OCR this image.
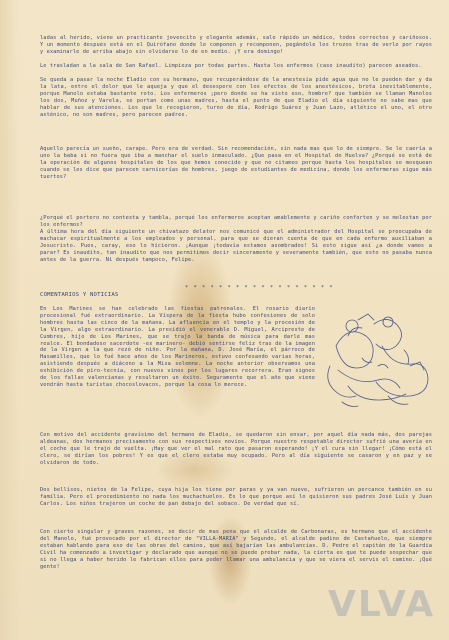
ladas al herido, viene un practicante jovencito y elegante además, sale rápido un médico, todos correctos y cariñosos. Y un momento después está en el Quirófano donde le componen y recomponen, pegándole los trozos tras de verle por rayos y examinarle de arriba abajo sin olvidarse lo de en medio. ¡Y era domingo!

Le trasladan a la sala de San Rafael. Limpieza por todas partes. Hasta los enfermos (caso inaudito) parecen aseados.

Se queda a pasar la noche Eladio con su hermano, que recuperándose de la anestesia pide agua que no le pueden dar y da la lata, entre el dolor que le aqueja y que el desespere con los efectos de los anestésicos, brota inevitablemente, porque Manolo estaba bastante roto. Los enfermeros ¡pero donde se ha visto eso, hombre? que también se llaman Manolos los dos, Muñoz y Varela, se portan como unas madres, hasta el punto de que Eladio el día siguiente no sabe mas que hablar de sus atenciones. Los que le recogieron, turno de día, Rodrigo Suárez y Juan Lazo, atlético el uno, el otro asténico, no son madres, pero parecen padres.

Aquello parecía un sueño, carape. Pero era de verdad. Sin recomendación, sin nada mas que lo de siempre. Se le caería a uno la baba si no fuera que iba a manchar el suelo inmaculado. ¿Que pasa en el Hospital de Huelva? ¿Porqué se está de la operación de algunos hospitales de los que hemos conocido y que no citamos porque hasta los hospitales se mosquean cuando se les dice que parecen carnicerías de hombres, juego de estudiantes de medicina, donde los enfermeras sigue más tuertos?

¿Porqué el portero no contesta y tambla, porqué los enfermeros aceptan amablemente y cariño conforten y se molestan por los enfermos?

A última hora del día siguiente un chivatazo delator nos comunicó que el administrador del Hospital se preocupaba de machacar espiritualmente a los empleados y personal, para que se dieran cuenta de que en cada enfermo auxiliaban a Jesucristo. Pues, caray, eso lo hicieron. ¡Aunque ¡todavía estamos asombrados! Si esto sigue así ¿a donde vamos a parar? Es inaudito, tan inaudito que nos permitimos decir sinceramente y severamente también, que esto no pasaba nunca antes de la guerra. Ni después tampoco, Felipe.

* * * * * * * * * * * * * * * * * *
COMENTARIOS Y NOTICIAS

En Los Marines se han celebrado las fiestas patronales. El rosario diario procesional fué extraordinario. La Víspera de la fiesta hubo confesiones de solo hombres hasta las cinco de la mañana. La afluencia en el templo y la procesión de la Virgen, algo extraordinario. La presidió el venerable D. Miguel, Arcipreste de Cumbres, hijo de Los Marines, que se trajo la banda de música para darle mas realce. El bondadoso sacerdote -ex marinero- debió sentirse feliz tras de la imagen de la Virgen a la que rezó de niño. Por la mañana, D. José María, el párroco de Hasamilles, que lo fué hace años de los Marineros, estuvo confesando varias horas, asistiendo después a diácono a la Misa solemne. La noche anterior observamos una exhibición de piro-tecnia, con nuevos vinos por los lugares recorrera. Eran signos de los fallas valencianas y resultaron un éxito. Seguramente que el año que viene vendrán hasta turistas chocoslovacos, porque la cosa lo merece.

Con motivo del accidente gravísimo del hermano de Eladio, se quedaron sin ensar, por aquel día nada más, dos parejas aldeanas, dos hermanos precisamente con sus respectivos novios. Porque nuestro respetable director sufrió una avería en el coche que le trajo de vuelta. ¡Hay que ver el mal rato que pasaron esperando! ¡Y el cura sin llegar! ¡Cómo está el clero, se dirían los pobres! Y es que el clero estaba muy ocupado. Pero al día siguiente se casaron y en paz y se olvidaron de todo.

Dos bellísos, nietos de la Felipe, cuya hija los tiene por paras y ya van nueve, sufrieron un percance también en su familia. Pero el procedimiento no nada los muchachuelos. Es lo que porque así lo quisieron sus padres José Luís y Juan Carlos. Los niños trajeron un coche de pan debajo del sobaco. De verdad que sí.

Con cierto singular y graves razones, se decir de mas pena que el alcalde de Carbonaras, es hermano que el accidente del Manolo, fué provocado por el director de "VILLA-MARIA" y Segundo, el alcalde padino de Castañuelo, que siempre estaban hablando para eso de las obras del camino, que así bajarían las ambulancias. D. Pedro el capitán de la Guardia Civil ha comenzado a investigar y declarado que aunque no se puede probar nada, la cierta es que te puede sospechar que si no llega a haber herido le fabrican ellos para poder llamar una ambulancia y que se viera el servis el camino. ¡Qué gente!

VLVA
